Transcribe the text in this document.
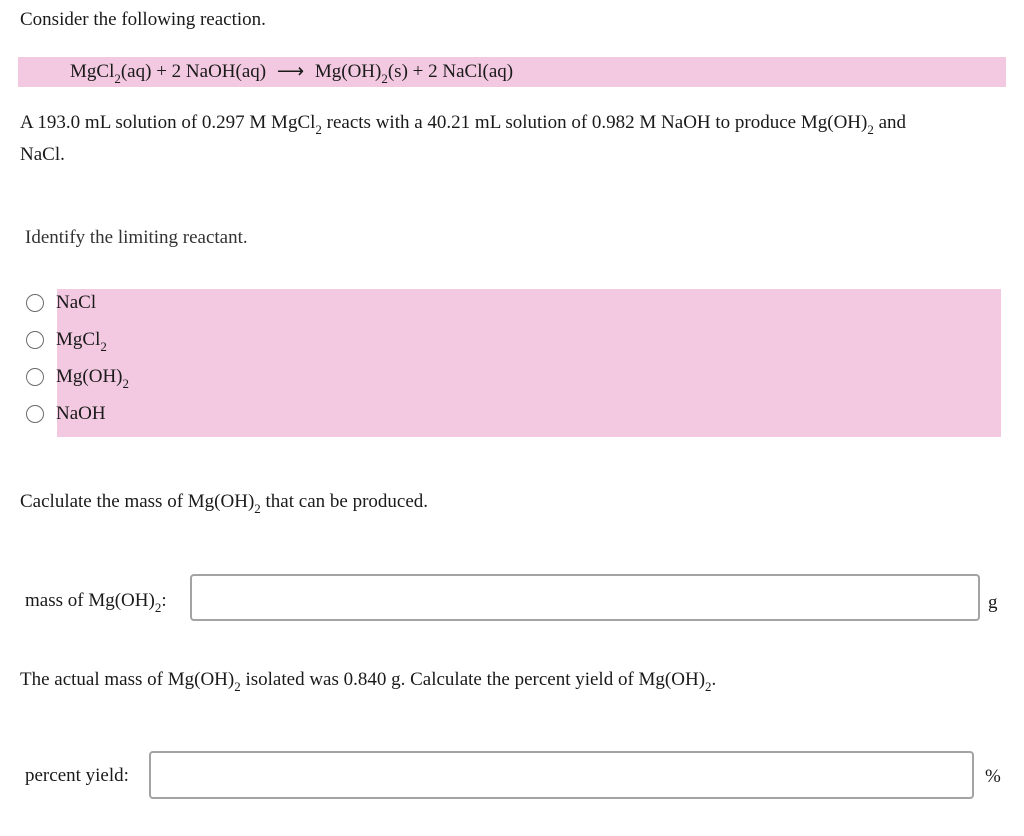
Consider the following reaction.
MgCl$_2$(aq) + 2 NaOH(aq) ⟶ $Mg(OH)_2(s) + 2$ NaCl(aq)
A 193.0 mL solution of 0.297 M MgCl$_2$ reacts with a 40.21 mL solution of 0.982 M NaOH to produce $Mg(OH)_2$ and
NaCl.
Identify the limiting reactant.
NaCl
MgCl$_2$
$Mg(OH)_2$
NaOH
Caclulate the mass of $Mg(OH)_2$ that can be produced.
mass of $Mg(OH)_2$:	g
The actual mass of $Mg(OH)_2$ isolated was 0.840 g. Calculate the percent yield of $Mg(OH)_2$.
percent yield:	%
